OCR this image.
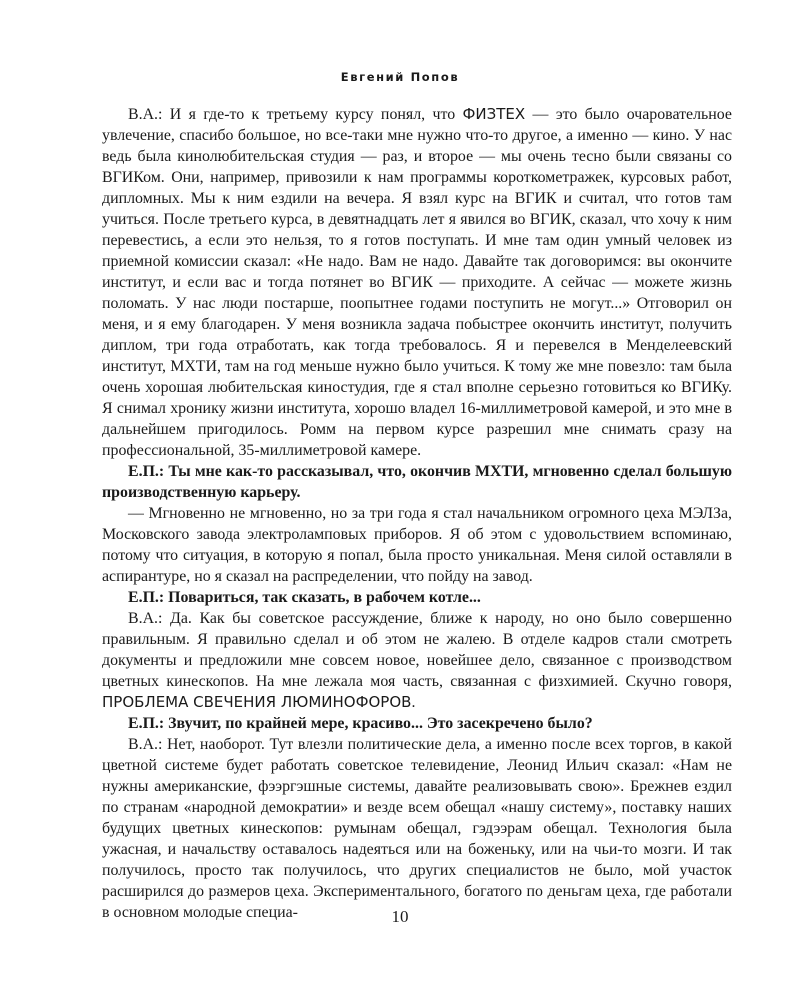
Евгений Попов

В.А.: И я где-то к третьему курсу понял, что ФИЗТЕХ — это было очаровательное увлечение, спасибо большое, но все-таки мне нужно что-то другое, а именно — кино. У нас ведь была кинолюбительская студия — раз, и второе — мы очень тесно были связаны со ВГИКом. Они, например, привозили к нам программы короткометражек, курсовых работ, дипломных. Мы к ним ездили на вечера. Я взял курс на ВГИК и считал, что готов там учиться. После третьего курса, в девятнадцать лет я явился во ВГИК, сказал, что хочу к ним перевестись, а если это нельзя, то я готов поступать. И мне там один умный человек из приемной комиссии сказал: «Не надо. Вам не надо. Давайте так договоримся: вы окончите институт, и если вас и тогда потянет во ВГИК — приходите. А сейчас — можете жизнь поломать. У нас люди постарше, поопытнее годами поступить не могут...» Отговорил он меня, и я ему благодарен. У меня возникла задача побыстрее окончить институт, получить диплом, три года отработать, как тогда требовалось. Я и перевелся в Менделеевский институт, МХТИ, там на год меньше нужно было учиться. К тому же мне повезло: там была очень хорошая любительская киностудия, где я стал вполне серьезно готовиться ко ВГИКу. Я снимал хронику жизни института, хорошо владел 16-миллиметровой камерой, и это мне в дальнейшем пригодилось. Ромм на первом курсе разрешил мне снимать сразу на профессиональной, 35-миллиметровой камере.

Е.П.: Ты мне как-то рассказывал, что, окончив МХТИ, мгновенно сделал большую производственную карьеру.

— Мгновенно не мгновенно, но за три года я стал начальником огромного цеха МЭЛЗа, Московского завода электроламповых приборов. Я об этом с удовольствием вспоминаю, потому что ситуация, в которую я попал, была просто уникальная. Меня силой оставляли в аспирантуре, но я сказал на распределении, что пойду на завод.

Е.П.: Повариться, так сказать, в рабочем котле...

В.А.: Да. Как бы советское рассуждение, ближе к народу, но оно было совершенно правильным. Я правильно сделал и об этом не жалею. В отделе кадров стали смотреть документы и предложили мне совсем новое, новейшее дело, связанное с производством цветных кинескопов. На мне лежала моя часть, связанная с физхимией. Скучно говоря, ПРОБЛЕМА СВЕЧЕНИЯ ЛЮМИНОФОРОВ.

Е.П.: Звучит, по крайней мере, красиво... Это засекречено было?

В.А.: Нет, наоборот. Тут влезли политические дела, а именно после всех торгов, в какой цветной системе будет работать советское телевидение, Леонид Ильич сказал: «Нам не нужны американские, фээргэшные системы, давайте реализовывать свою». Брежнев ездил по странам «народной демократии» и везде всем обещал «нашу систему», поставку наших будущих цветных кинескопов: румынам обещал, гэдээрам обещал. Технология была ужасная, и начальству оставалось надеяться или на боженьку, или на чьи-то мозги. И так получилось, просто так получилось, что других специалистов не было, мой участок расширился до размеров цеха. Экспериментального, богатого по деньгам цеха, где работали в основном молодые специа-	10
